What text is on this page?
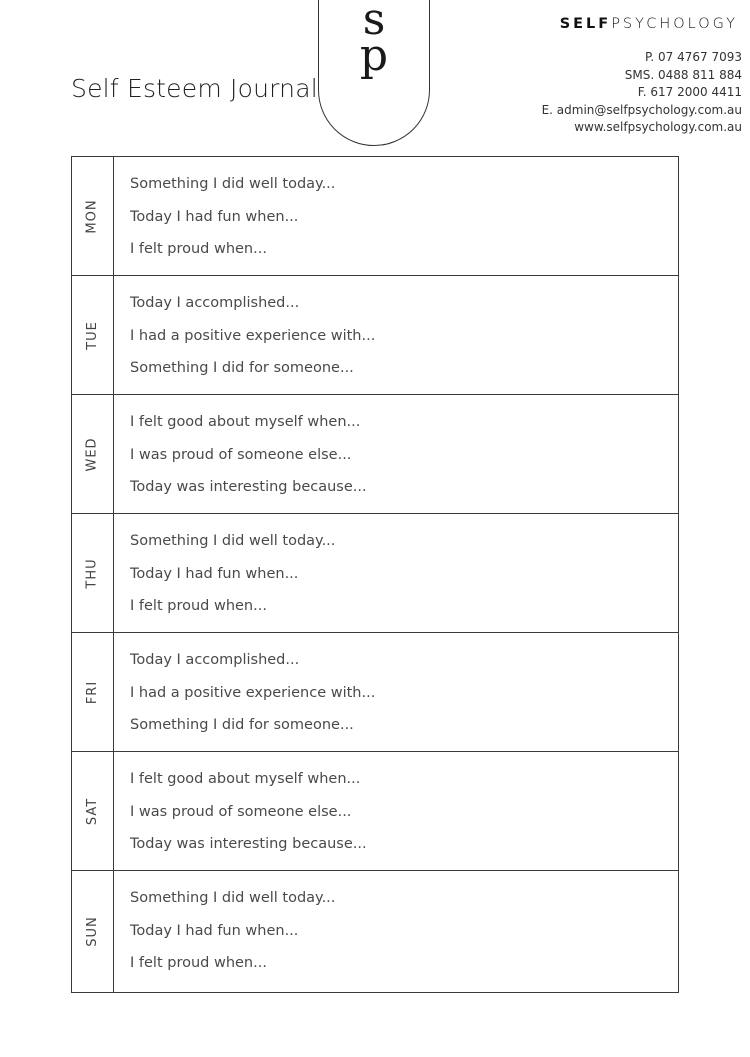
Self Esteem Journal
s
p
SELFPSYCHOLOGY
P. 07 4767 7093
SMS. 0488 811 884
F. 617 2000 4411
E. admin@selfpsychology.com.au
www.selfpsychology.com.au
MON
Something I did well today...
Today I had fun when...
I felt proud when...
TUE
Today I accomplished...
I had a positive experience with...
Something I did for someone...
WED
I felt good about myself when...
I was proud of someone else...
Today was interesting because...
THU
Something I did well today...
Today I had fun when...
I felt proud when...
FRI
Today I accomplished...
I had a positive experience with...
Something I did for someone...
SAT
I felt good about myself when...
I was proud of someone else...
Today was interesting because...
SUN
Something I did well today...
Today I had fun when...
I felt proud when...
